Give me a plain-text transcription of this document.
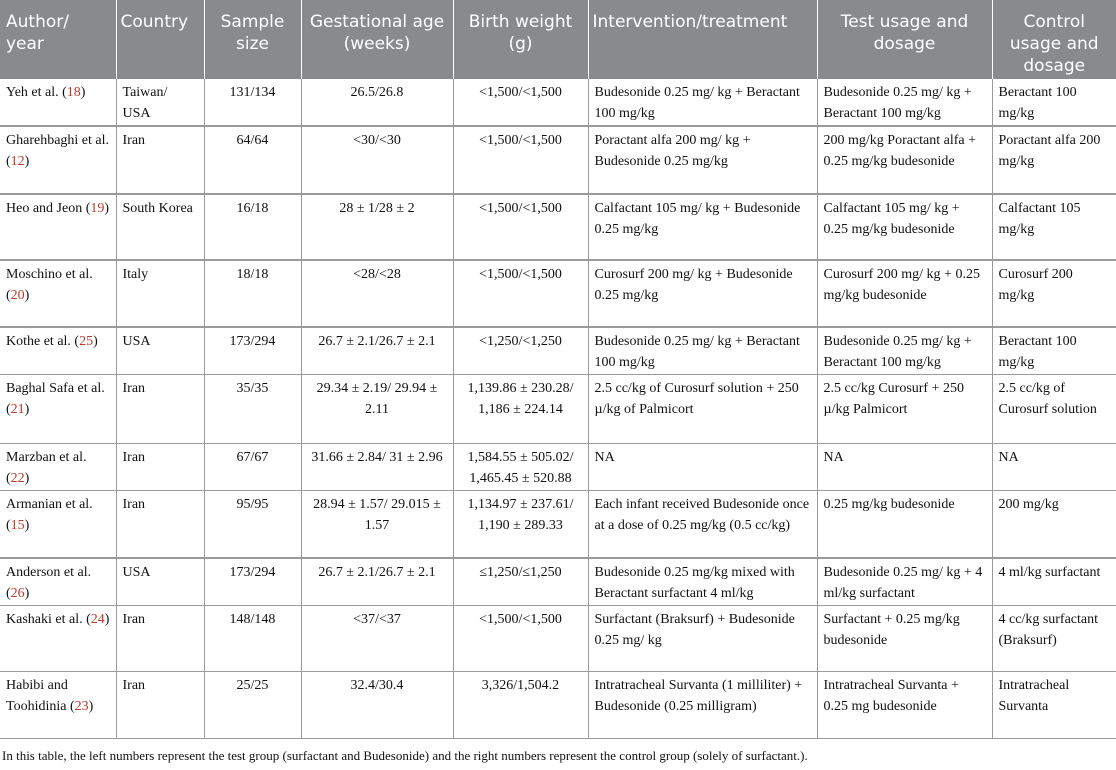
Author/ year	Country	Sample size	Gestational age (weeks)	Birth weight (g)	Intervention/treatment	Test usage and dosage	Control usage and dosage
Yeh et al. (18)	Taiwan/ USA	131/134	26.5/26.8	<1,500/<1,500	Budesonide 0.25 mg/ kg + Beractant 100 mg/kg	Budesonide 0.25 mg/ kg + Beractant 100 mg/kg	Beractant 100 mg/kg
Gharehbaghi et al. (12)	Iran	64/64	<30/<30	<1,500/<1,500	Poractant alfa 200 mg/ kg + Budesonide 0.25 mg/kg	200 mg/kg Poractant alfa + 0.25 mg/kg budesonide	Poractant alfa 200 mg/kg
Heo and Jeon (19)	South Korea	16/18	28 ± 1/28 ± 2	<1,500/<1,500	Calfactant 105 mg/ kg + Budesonide 0.25 mg/kg	Calfactant 105 mg/ kg + 0.25 mg/kg budesonide	Calfactant 105 mg/kg
Moschino et al. (20)	Italy	18/18	<28/<28	<1,500/<1,500	Curosurf 200 mg/ kg + Budesonide 0.25 mg/kg	Curosurf 200 mg/ kg + 0.25 mg/kg budesonide	Curosurf 200 mg/kg
Kothe et al. (25)	USA	173/294	26.7 ± 2.1/26.7 ± 2.1	<1,250/<1,250	Budesonide 0.25 mg/ kg + Beractant 100 mg/kg	Budesonide 0.25 mg/ kg + Beractant 100 mg/kg	Beractant 100 mg/kg
Baghal Safa et al. (21)	Iran	35/35	29.34 ± 2.19/ 29.94 ± 2.11	1,139.86 ± 230.28/ 1,186 ± 224.14	2.5 cc/kg of Curosurf solution + 250 µ/kg of Palmicort	2.5 cc/kg Curosurf + 250 µ/kg Palmicort	2.5 cc/kg of Curosurf solution
Marzban et al. (22)	Iran	67/67	31.66 ± 2.84/ 31 ± 2.96	1,584.55 ± 505.02/ 1,465.45 ± 520.88	NA	NA	NA
Armanian et al. (15)	Iran	95/95	28.94 ± 1.57/ 29.015 ± 1.57	1,134.97 ± 237.61/ 1,190 ± 289.33	Each infant received Budesonide once at a dose of 0.25 mg/kg (0.5 cc/kg)	0.25 mg/kg budesonide	200 mg/kg
Anderson et al. (26)	USA	173/294	26.7 ± 2.1/26.7 ± 2.1	≤1,250/≤1,250	Budesonide 0.25 mg/kg mixed with Beractant surfactant 4 ml/kg	Budesonide 0.25 mg/ kg + 4 ml/kg surfactant	4 ml/kg surfactant
Kashaki et al. (24)	Iran	148/148	<37/<37	<1,500/<1,500	Surfactant (Braksurf) + Budesonide 0.25 mg/ kg	Surfactant + 0.25 mg/kg budesonide	4 cc/kg surfactant (Braksurf)
Habibi and Toohidinia (23)	Iran	25/25	32.4/30.4	3,326/1,504.2	Intratracheal Survanta (1 milliliter) + Budesonide (0.25 milligram)	Intratracheal Survanta + 0.25 mg budesonide	Intratracheal Survanta
In this table, the left numbers represent the test group (surfactant and Budesonide) and the right numbers represent the control group (solely of surfactant.).
